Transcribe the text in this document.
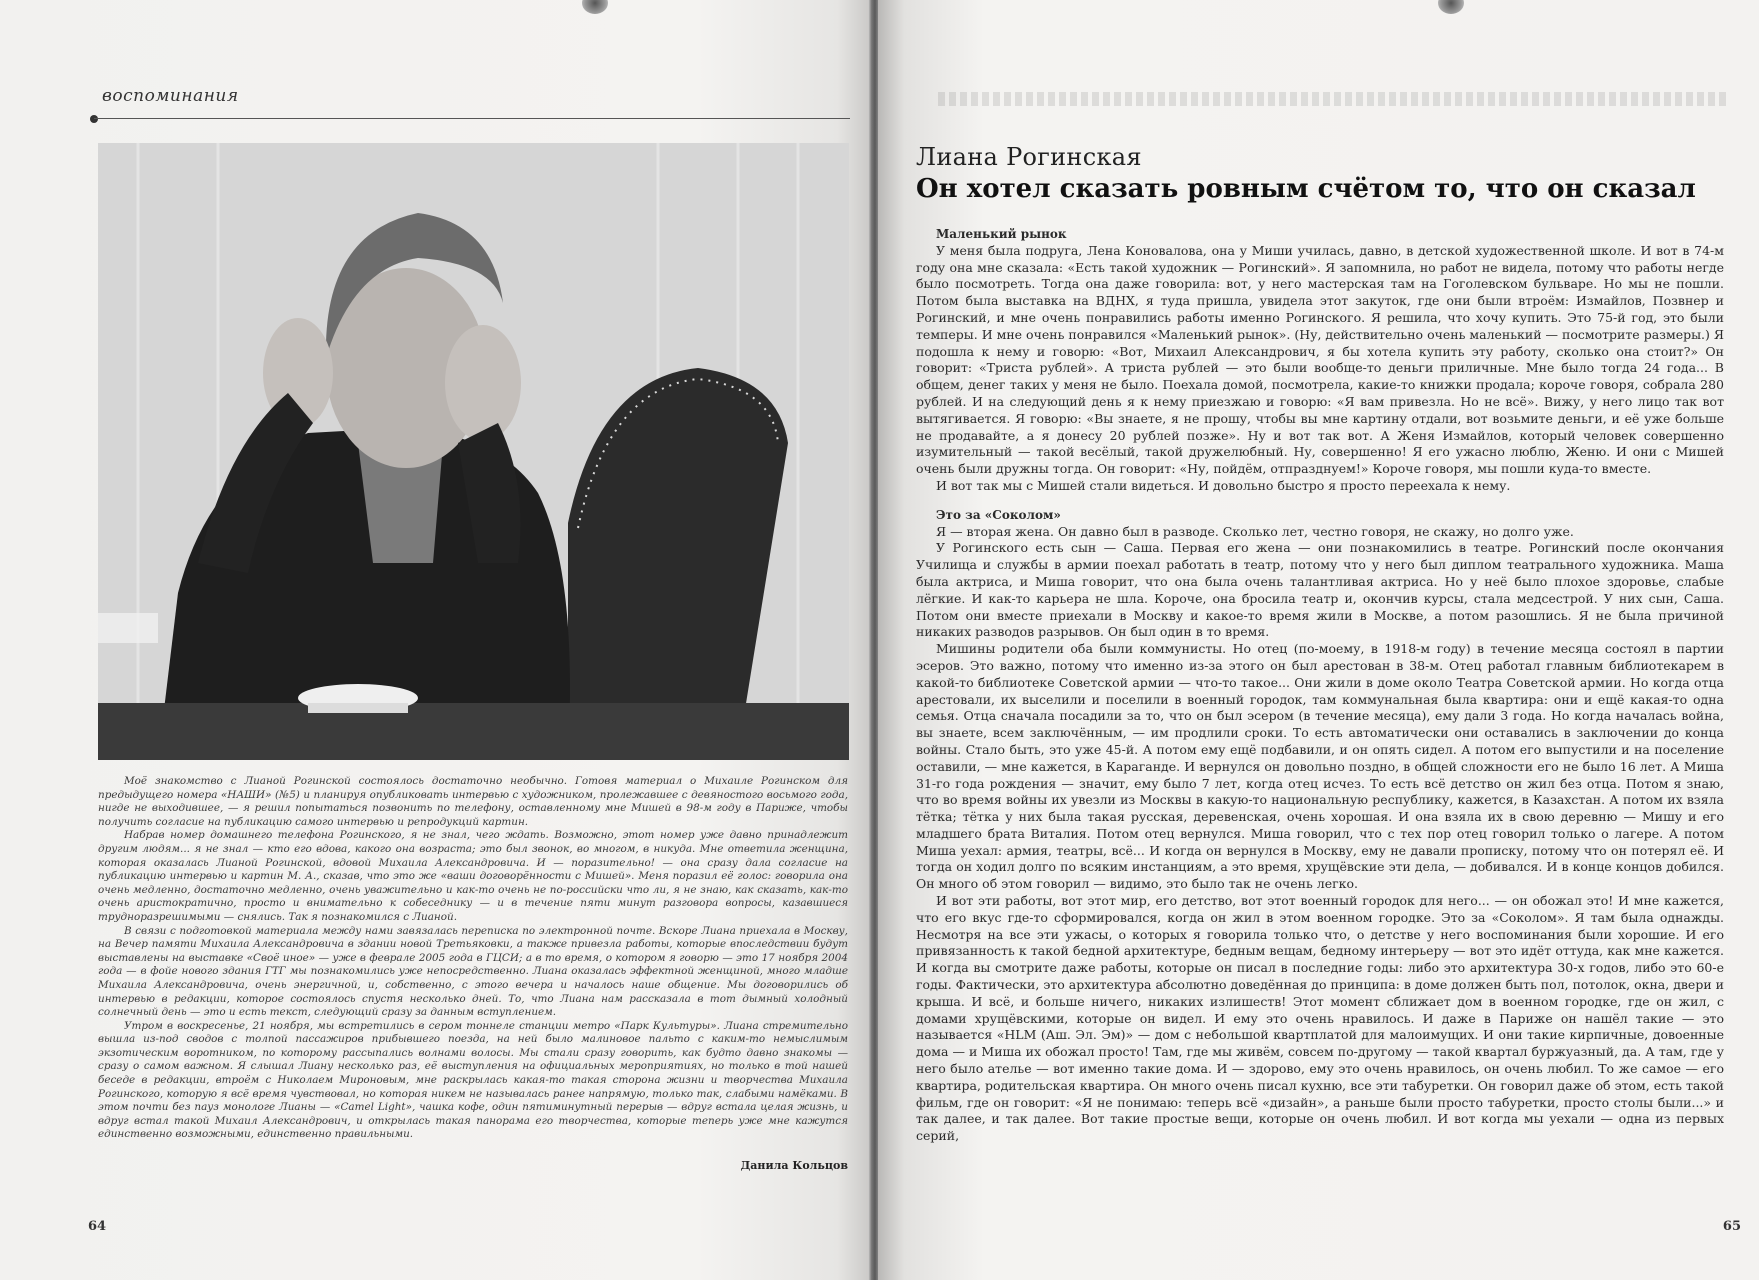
воспоминания

Моё знакомство с Лианой Рогинской состоялось достаточно необычно. Готовя материал о Михаиле Рогинском для предыдущего номера «НАШИ» (№5) и планируя опубликовать интервью с художником, пролежавшее с девяностого восьмого года, нигде не выходившее, — я решил попытаться позвонить по телефону, оставленному мне Мишей в 98-м году в Париже, чтобы получить согласие на публикацию самого интервью и репродукций картин.

Набрав номер домашнего телефона Рогинского, я не знал, чего ждать. Возможно, этот номер уже давно принадлежит другим людям... я не знал — кто его вдова, какого она возраста; это был звонок, во многом, в никуда. Мне ответила женщина, которая оказалась Лианой Рогинской, вдовой Михаила Александровича. И — поразительно! — она сразу дала согласие на публикацию интервью и картин М. А., сказав, что это же «ваши договорённости с Мишей». Меня поразил её голос: говорила она очень медленно, достаточно медленно, очень уважительно и как-то очень не по-российски что ли, я не знаю, как сказать, как-то очень аристократично, просто и внимательно к собеседнику — и в течение пяти минут разговора вопросы, казавшиеся трудноразрешимыми — снялись. Так я познакомился с Лианой.

В связи с подготовкой материала между нами завязалась переписка по электронной почте. Вскоре Лиана приехала в Москву, на Вечер памяти Михаила Александровича в здании новой Третьяковки, а также привезла работы, которые впоследствии будут выставлены на выставке «Своё иное» — уже в феврале 2005 года в ГЦСИ; а в то время, о котором я говорю — это 17 ноября 2004 года — в фойе нового здания ГТГ мы познакомились уже непосредственно. Лиана оказалась эффектной женщиной, много младше Михаила Александровича, очень энергичной, и, собственно, с этого вечера и началось наше общение. Мы договорились об интервью в редакции, которое состоялось спустя несколько дней. То, что Лиана нам рассказала в тот дымный холодный солнечный день — это и есть текст, следующий сразу за данным вступлением.

Утром в воскресенье, 21 ноября, мы встретились в сером тоннеле станции метро «Парк Культуры». Лиана стремительно вышла из-под сводов с толпой пассажиров прибывшего поезда, на ней было малиновое пальто с каким-то немыслимым экзотическим воротником, по которому рассыпались волнами волосы. Мы стали сразу говорить, как будто давно знакомы — сразу о самом важном. Я слышал Лиану несколько раз, её выступления на официальных мероприятиях, но только в той нашей беседе в редакции, втроём с Николаем Мироновым, мне раскрылась какая-то такая сторона жизни и творчества Михаила Рогинского, которую я всё время чувствовал, но которая никем не называлась ранее напрямую, только так, слабыми намёками. В этом почти без пауз монологе Лианы — «Camel Light», чашка кофе, один пятиминутный перерыв — вдруг встала целая жизнь, и вдруг встал такой Михаил Александрович, и открылась такая панорама его творчества, которые теперь уже мне кажутся единственно возможными, единственно правильными.

Данила Кольцов
64
Лиана Рогинская
Он хотел сказать ровным счётом то, что он сказал
Маленький рынок

У меня была подруга, Лена Коновалова, она у Миши училась, давно, в детской художественной школе. И вот в 74-м году она мне сказала: «Есть такой художник — Рогинский». Я запомнила, но работ не видела, потому что работы негде было посмотреть. Тогда она даже говорила: вот, у него мастерская там на Гоголевском бульваре. Но мы не пошли. Потом была выставка на ВДНХ, я туда пришла, увидела этот закуток, где они были втроём: Измайлов, Позвнер и Рогинский, и мне очень понравились работы именно Рогинского. Я решила, что хочу купить. Это 75-й год, это были темперы. И мне очень понравился «Маленький рынок». (Ну, действительно очень маленький — посмотрите размеры.) Я подошла к нему и говорю: «Вот, Михаил Александрович, я бы хотела купить эту работу, сколько она стоит?» Он говорит: «Триста рублей». А триста рублей — это были вообще-то деньги приличные. Мне было тогда 24 года... В общем, денег таких у меня не было. Поехала домой, посмотрела, какие-то книжки продала; короче говоря, собрала 280 рублей. И на следующий день я к нему приезжаю и говорю: «Я вам привезла. Но не всё». Вижу, у него лицо так вот вытягивается. Я говорю: «Вы знаете, я не прошу, чтобы вы мне картину отдали, вот возьмите деньги, и её уже больше не продавайте, а я донесу 20 рублей позже». Ну и вот так вот. А Женя Измайлов, который человек совершенно изумительный — такой весёлый, такой дружелюбный. Ну, совершенно! Я его ужасно люблю, Женю. И они с Мишей очень были дружны тогда. Он говорит: «Ну, пойдём, отпразднуем!» Короче говоря, мы пошли куда-то вместе.

И вот так мы с Мишей стали видеться. И довольно быстро я просто переехала к нему.

Это за «Соколом»

Я — вторая жена. Он давно был в разводе. Сколько лет, честно говоря, не скажу, но долго уже.

У Рогинского есть сын — Саша. Первая его жена — они познакомились в театре. Рогинский после окончания Училища и службы в армии поехал работать в театр, потому что у него был диплом театрального художника. Маша была актриса, и Миша говорит, что она была очень талантливая актриса. Но у неё было плохое здоровье, слабые лёгкие. И как-то карьера не шла. Короче, она бросила театр и, окончив курсы, стала медсестрой. У них сын, Саша. Потом они вместе приехали в Москву и какое-то время жили в Москве, а потом разошлись. Я не была причиной никаких разводов разрывов. Он был один в то время.

Мишины родители оба были коммунисты. Но отец (по-моему, в 1918-м году) в течение месяца состоял в партии эсеров. Это важно, потому что именно из-за этого он был арестован в 38-м. Отец работал главным библиотекарем в какой-то библиотеке Советской армии — что-то такое... Они жили в доме около Театра Советской армии. Но когда отца арестовали, их выселили и поселили в военный городок, там коммунальная была квартира: они и ещё какая-то одна семья. Отца сначала посадили за то, что он был эсером (в течение месяца), ему дали 3 года. Но когда началась война, вы знаете, всем заключённым, — им продлили сроки. То есть автоматически они оставались в заключении до конца войны. Стало быть, это уже 45-й. А потом ему ещё подбавили, и он опять сидел. А потом его выпустили и на поселение оставили, — мне кажется, в Караганде. И вернулся он довольно поздно, в общей сложности его не было 16 лет. А Миша 31-го года рождения — значит, ему было 7 лет, когда отец исчез. То есть всё детство он жил без отца. Потом я знаю, что во время войны их увезли из Москвы в какую-то национальную республику, кажется, в Казахстан. А потом их взяла тётка; тётка у них была такая русская, деревенская, очень хорошая. И она взяла их в свою деревню — Мишу и его младшего брата Виталия. Потом отец вернулся. Миша говорил, что с тех пор отец говорил только о лагере. А потом Миша уехал: армия, театры, всё... И когда он вернулся в Москву, ему не давали прописку, потому что он потерял её. И тогда он ходил долго по всяким инстанциям, а это время, хрущёвские эти дела, — добивался. И в конце концов добился. Он много об этом говорил — видимо, это было так не очень легко.

И вот эти работы, вот этот мир, его детство, вот этот военный городок для него... — он обожал это! И мне кажется, что его вкус где-то сформировался, когда он жил в этом военном городке. Это за «Соколом». Я там была однажды. Несмотря на все эти ужасы, о которых я говорила только что, о детстве у него воспоминания были хорошие. И его привязанность к такой бедной архитектуре, бедным вещам, бедному интерьеру — вот это идёт оттуда, как мне кажется. И когда вы смотрите даже работы, которые он писал в последние годы: либо это архитектура 30-х годов, либо это 60-е годы. Фактически, это архитектура абсолютно доведённая до принципа: в доме должен быть пол, потолок, окна, двери и крыша. И всё, и больше ничего, никаких излишеств! Этот момент сближает дом в военном городке, где он жил, с домами хрущёвскими, которые он видел. И ему это очень нравилось. И даже в Париже он нашёл такие — это называется «HLM (Аш. Эл. Эм)» — дом с небольшой квартплатой для малоимущих. И они такие кирпичные, довоенные дома — и Миша их обожал просто! Там, где мы живём, совсем по-другому — такой квартал буржуазный, да. А там, где у него было ателье — вот именно такие дома. И — здорово, ему это очень нравилось, он очень любил. То же самое — его квартира, родительская квартира. Он много очень писал кухню, все эти табуретки. Он говорил даже об этом, есть такой фильм, где он говорит: «Я не понимаю: теперь всё «дизайн», а раньше были просто табуретки, просто столы были...» и так далее, и так далее. Вот такие простые вещи, которые он очень любил. И вот когда мы уехали — одна из первых серий,

65
